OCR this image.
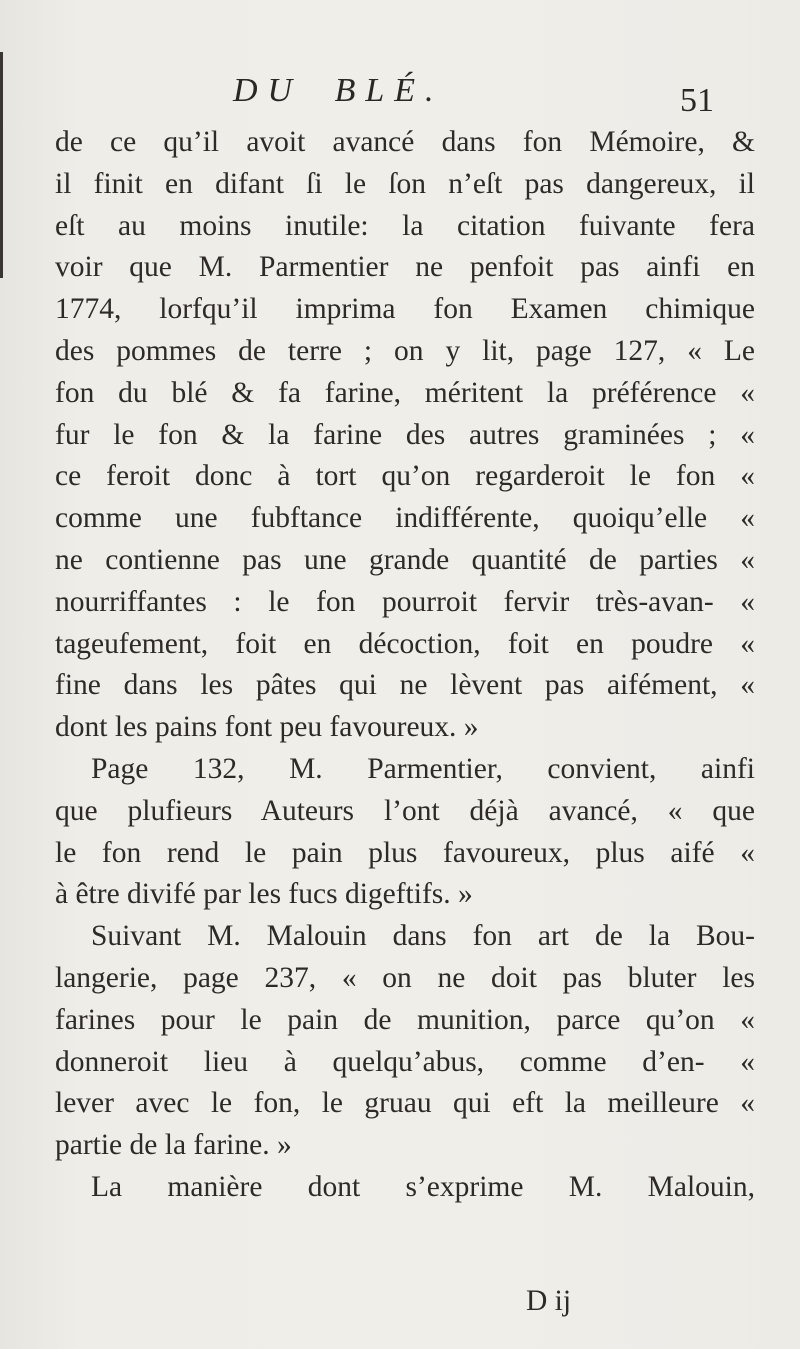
DU BLÉ.	51
de ce qu’il avoit avancé dans fon Mémoire, &
il finit en difant ſi le ſon n’eſt pas dangereux, il
eſt au moins inutile: la citation fuivante fera
voir que M. Parmentier ne penfoit pas ainfi en
1774, lorfqu’il imprima fon Examen chimique
des pommes de terre ; on y lit, page 127, « Le
fon du blé & fa farine, méritent la préférence «
fur le fon & la farine des autres graminées ; «
ce feroit donc à tort qu’on regarderoit le fon «
comme une fubftance indifférente, quoiqu’elle «
ne contienne pas une grande quantité de parties «
nourriffantes : le fon pourroit fervir très-avan- «
tageufement, foit en décoction, foit en poudre «
fine dans les pâtes qui ne lèvent pas aifément, «
dont les pains font peu favoureux. »
Page 132, M. Parmentier, convient, ainfi
que plufieurs Auteurs l’ont déjà avancé, « que
le fon rend le pain plus favoureux, plus aifé «
à être divifé par les fucs digeftifs. »
Suivant M. Malouin dans fon art de la Bou-
langerie, page 237, « on ne doit pas bluter les
farines pour le pain de munition, parce qu’on «
donneroit lieu à quelqu’abus, comme d’en- «
lever avec le fon, le gruau qui eft la meilleure «
partie de la farine. »
La manière dont s’exprime M. Malouin,
D ij
